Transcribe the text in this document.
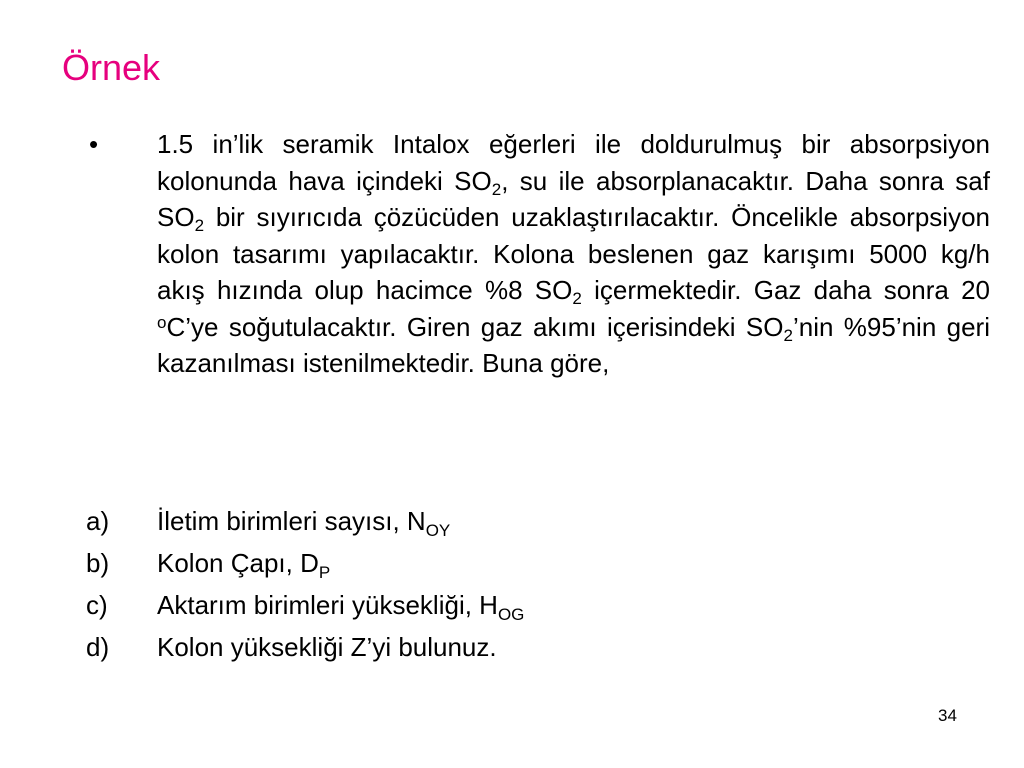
Örnek
• 1.5 in’lik seramik Intalox eğerleri ile doldurulmuş bir absorpsiyon kolonunda hava içindeki $SO_2$, su ile absorplanacaktır. Daha sonra saf $SO_2$ bir sıyırıcıda çözücüden uzaklaştırılacaktır. Öncelikle absorpsiyon kolon tasarımı yapılacaktır. Kolona beslenen gaz karışımı 5000 kg/h akış hızında olup hacimce %8 $SO_2$ içermektedir. Gaz daha sonra 20 $^o$C’ye soğutulacaktır. Giren gaz akımı içerisindeki $SO_2’nin$ %95’nin geri kazanılması istenilmektedir. Buna göre,

a)	İletim birimleri sayısı, $N_{OY}$
b)	Kolon Çapı, $D_P$
c)	Aktarım birimleri yüksekliği, $H_{OG}$
d)	Kolon yüksekliği Z’yi bulunuz.
34
